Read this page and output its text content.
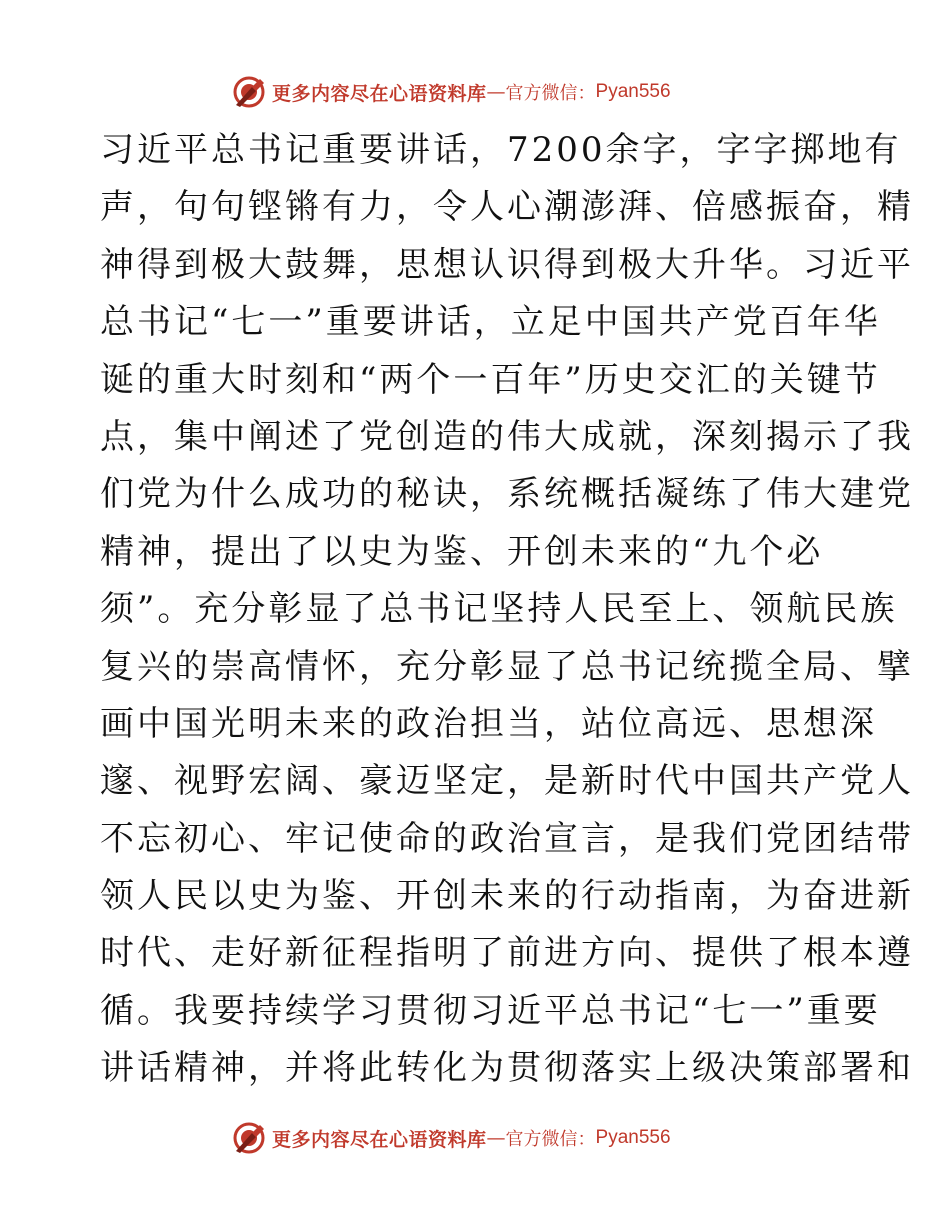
更多内容尽在心语资料库 — 官方微信： Pyan556
习近平总书记重要讲话，7200余字，字字掷地有
声，句句铿锵有力，令人心潮澎湃、倍感振奋，精
神得到极大鼓舞，思想认识得到极大升华。习近平
总书记“七一”重要讲话，立足中国共产党百年华
诞的重大时刻和“两个一百年”历史交汇的关键节
点，集中阐述了党创造的伟大成就，深刻揭示了我
们党为什么成功的秘诀，系统概括凝练了伟大建党
精神，提出了以史为鉴、开创未来的“九个必
须”。充分彰显了总书记坚持人民至上、领航民族
复兴的崇高情怀，充分彰显了总书记统揽全局、擘
画中国光明未来的政治担当，站位高远、思想深
邃、视野宏阔、豪迈坚定，是新时代中国共产党人
不忘初心、牢记使命的政治宣言，是我们党团结带
领人民以史为鉴、开创未来的行动指南，为奋进新
时代、走好新征程指明了前进方向、提供了根本遵
循。我要持续学习贯彻习近平总书记“七一”重要
讲话精神，并将此转化为贯彻落实上级决策部署和
更多内容尽在心语资料库 — 官方微信： Pyan556
